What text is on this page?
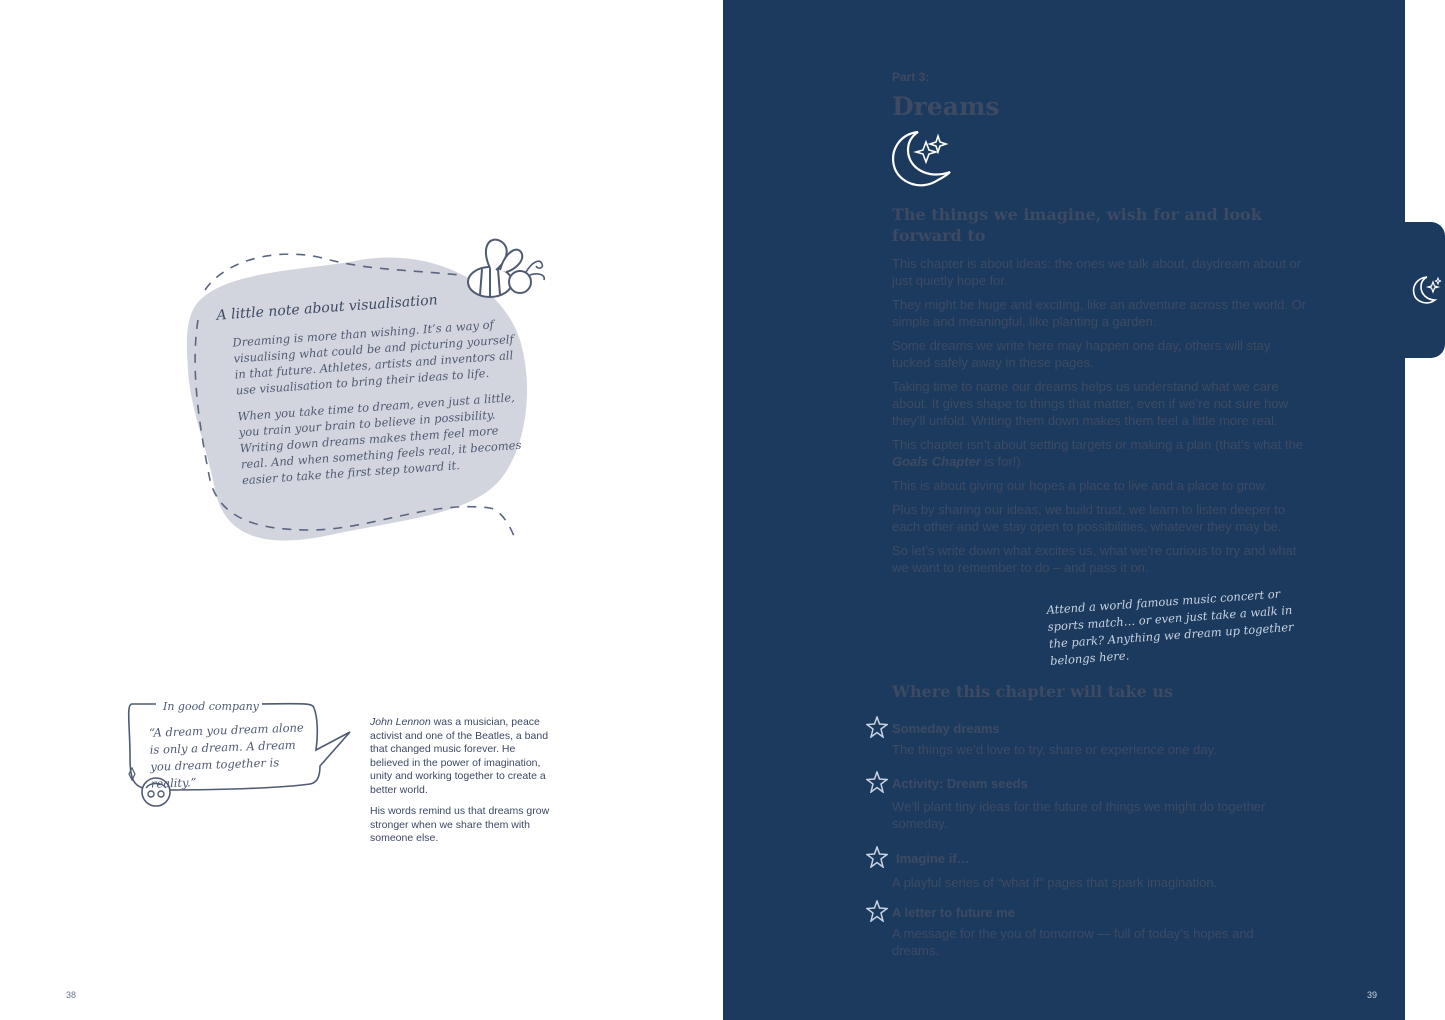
A little note about visualisation

Dreaming is more than wishing. It’s a way of visualising what could be and picturing yourself in that future. Athletes, artists and inventors all use visualisation to bring their ideas to life.

When you take time to dream, even just a little, you train your brain to believe in possibility. Writing down dreams makes them feel more real. And when something feels real, it becomes easier to take the first step toward it.

In good company
“A dream you dream alone is only a dream. A dream you dream together is reality.”

John Lennon was a musician, peace activist and one of the Beatles, a band that changed music forever. He believed in the power of imagination, unity and working together to create a better world.

His words remind us that dreams grow stronger when we share them with someone else.

38
Part 3:
Dreams
The things we imagine, wish for and look forward to

This chapter is about ideas: the ones we talk about, daydream about or just quietly hope for.

They might be huge and exciting, like an adventure across the world. Or simple and meaningful, like planting a garden.

Some dreams we write here may happen one day, others will stay tucked safely away in these pages.

Taking time to name our dreams helps us understand what we care about. It gives shape to things that matter, even if we’re not sure how they’ll unfold. Writing them down makes them feel a little more real.

This chapter isn’t about setting targets or making a plan (that’s what the Goals Chapter is for!)

This is about giving our hopes a place to live and a place to grow.

Plus by sharing our ideas, we build trust, we learn to listen deeper to each other and we stay open to possibilities, whatever they may be.

So let’s write down what excites us, what we’re curious to try and what we want to remember to do – and pass it on.

Attend a world famous music concert or sports match… or even just take a walk in the park? Anything we dream up together belongs here.
Where this chapter will take us
Someday dreams
The things we’d love to try, share or experience one day.
Activity: Dream seeds
We’ll plant tiny ideas for the future of things we might do together someday.
Imagine if…
A playful series of “what if” pages that spark imagination.
A letter to future me
A message for the you of tomorrow — full of today’s hopes and dreams.
39
